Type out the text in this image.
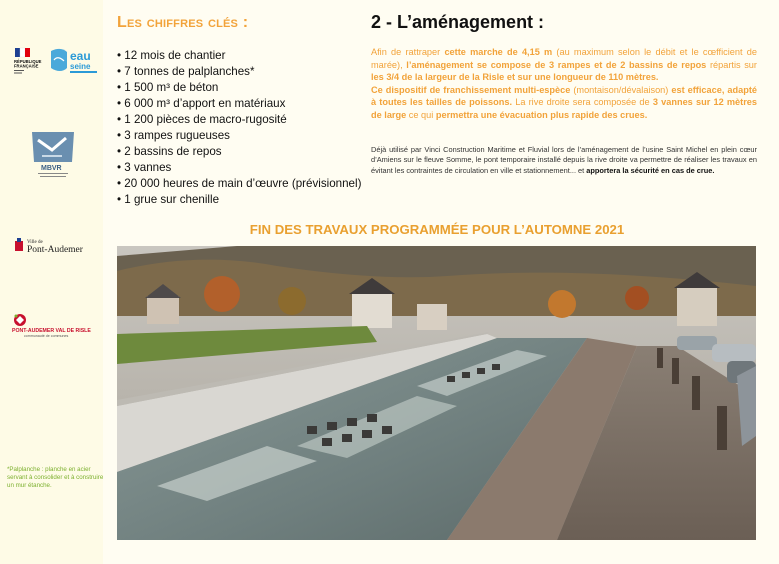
RÉPUBLIQUE
FRANÇAISE
eau
seine
MBVR
Ville de
Pont-Audemer
PONT-AUDEMER VAL DE RISLE
communauté de communes
*Palplanche : planche en acier servant à consolider et à construire un mur étanche.
Les chiffres clés :
• 12 mois de chantier
• 7 tonnes de palplanches*
• 1 500 m³ de béton
• 6 000 m³ d’apport en matériaux
• 1 200 pièces de macro-rugosité
• 3 rampes rugueuses
• 2 bassins de repos
• 3 vannes
• 20 000 heures de main d’œuvre (prévisionnel)
• 1 grue sur chenille
2 - L’aménagement :

Afin de rattraper cette marche de 4,15 m (au maximum selon le débit et le cœfficient de marée), l’aménagement se compose de 3 rampes et de 2 bassins de repos répartis sur les 3/4 de la largeur de la Risle et sur une longueur de 110 mètres.
Ce dispositif de franchissement multi-espèce (montaison/dévalaison) est efficace, adapté à toutes les tailles de poissons. La rive droite sera composée de 3 vannes sur 12 mètres de large ce qui permettra une évacuation plus rapide des crues.

Déjà utilisé par Vinci Construction Maritime et Fluvial lors de l’aménagement de l’usine Saint Michel en plein cœur d’Amiens sur le fleuve Somme, le pont temporaire installé depuis la rive droite va permettre de réaliser les travaux en évitant les contraintes de circulation en ville et stationnement... et apportera la sécurité en cas de crue.

FIN DES TRAVAUX PROGRAMMÉE POUR L’AUTOMNE 2021
